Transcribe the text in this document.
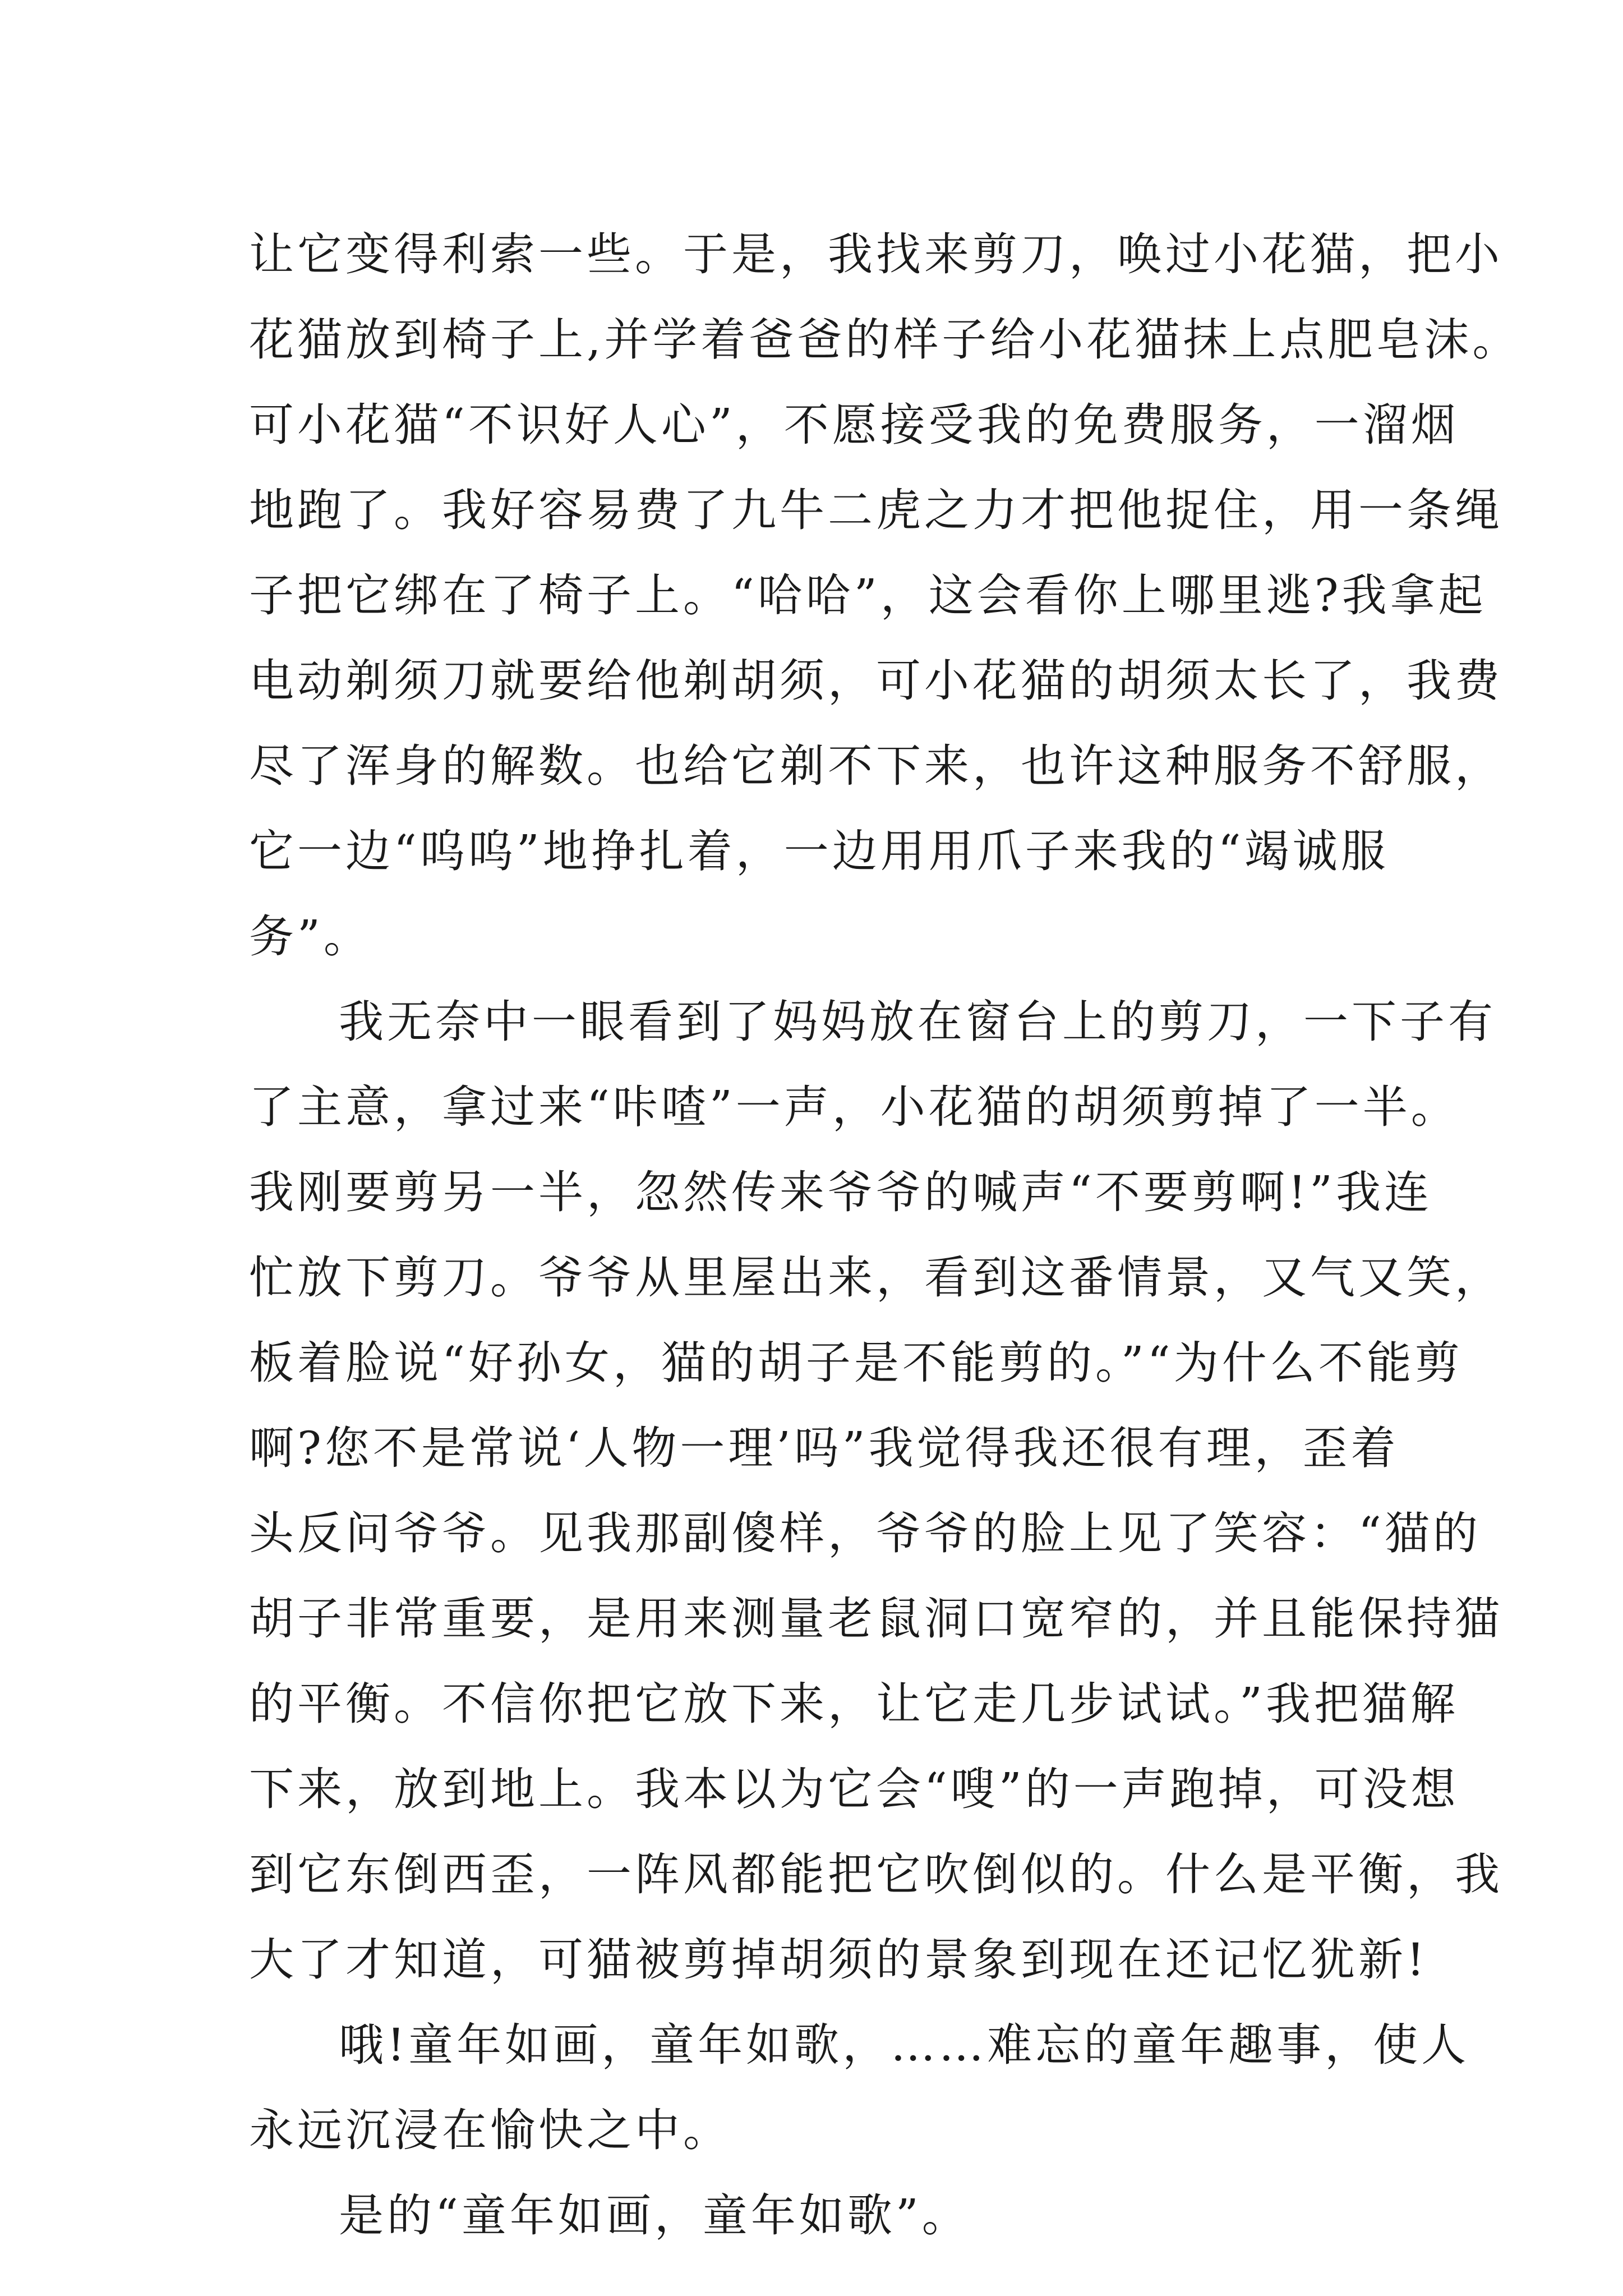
让它变得利索一些。于是，我找来剪刀，唤过小花猫，把小
花猫放到椅子上,并学着爸爸的样子给小花猫抹上点肥皂沫。
可小花猫“不识好人心”，不愿接受我的免费服务，一溜烟
地跑了。我好容易费了九牛二虎之力才把他捉住，用一条绳
子把它绑在了椅子上。“哈哈”，这会看你上哪里逃?我拿起
电动剃须刀就要给他剃胡须，可小花猫的胡须太长了，我费
尽了浑身的解数。也给它剃不下来，也许这种服务不舒服，
它一边“呜呜”地挣扎着，一边用用爪子来我的“竭诚服
务”。
我无奈中一眼看到了妈妈放在窗台上的剪刀，一下子有
了主意，拿过来“咔喳”一声，小花猫的胡须剪掉了一半。
我刚要剪另一半，忽然传来爷爷的喊声“不要剪啊!”我连
忙放下剪刀。爷爷从里屋出来，看到这番情景，又气又笑，
板着脸说“好孙女，猫的胡子是不能剪的。”“为什么不能剪
啊?您不是常说‘人物一理’吗”我觉得我还很有理，歪着
头反问爷爷。见我那副傻样，爷爷的脸上见了笑容：“猫的
胡子非常重要，是用来测量老鼠洞口宽窄的，并且能保持猫
的平衡。不信你把它放下来，让它走几步试试。”我把猫解
下来，放到地上。我本以为它会“嗖”的一声跑掉，可没想
到它东倒西歪，一阵风都能把它吹倒似的。什么是平衡，我
大了才知道，可猫被剪掉胡须的景象到现在还记忆犹新!
哦!童年如画，童年如歌，……难忘的童年趣事，使人
永远沉浸在愉快之中。
是的“童年如画，童年如歌”。
